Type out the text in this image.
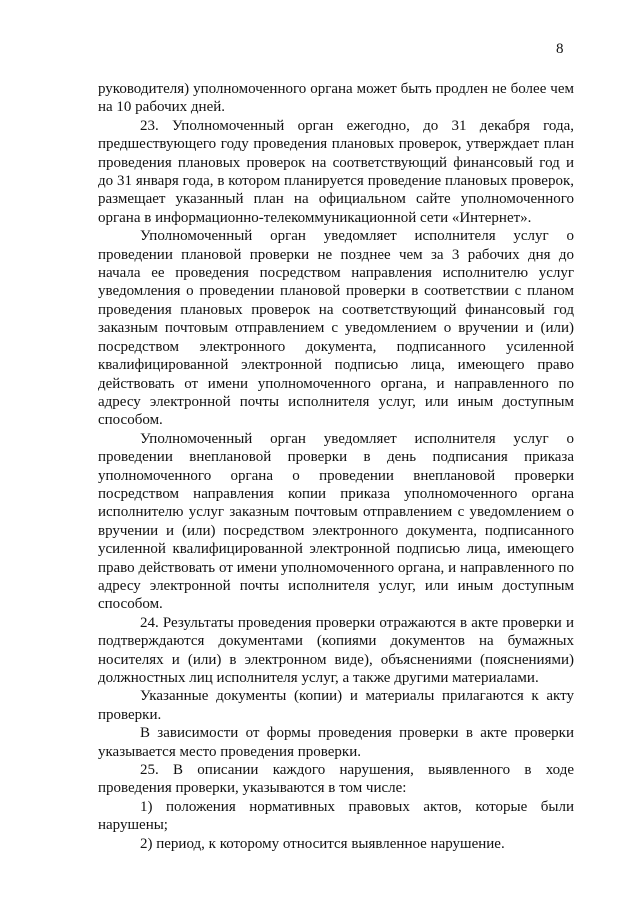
8

руководителя) уполномоченного органа может быть продлен не более чем на 10 рабочих дней.

23. Уполномоченный орган ежегодно, до 31 декабря года, предшествующего году проведения плановых проверок, утверждает план проведения плановых проверок на соответствующий финансовый год и до 31 января года, в котором планируется проведение плановых проверок, размещает указанный план на официальном сайте уполномоченного органа в информационно-телекоммуникационной сети «Интернет».

Уполномоченный орган уведомляет исполнителя услуг о проведении плановой проверки не позднее чем за 3 рабочих дня до начала ее проведения посредством направления исполнителю услуг уведомления о проведении плановой проверки в соответствии с планом проведения плановых проверок на соответствующий финансовый год заказным почтовым отправлением с уведомлением о вручении и (или) посредством электронного документа, подписанного усиленной квалифицированной электронной подписью лица, имеющего право действовать от имени уполномоченного органа, и направленного по адресу электронной почты исполнителя услуг, или иным доступным способом.

Уполномоченный орган уведомляет исполнителя услуг о проведении внеплановой проверки в день подписания приказа уполномоченного органа о проведении внеплановой проверки посредством направления копии приказа уполномоченного органа исполнителю услуг заказным почтовым отправлением с уведомлением о вручении и (или) посредством электронного документа, подписанного усиленной квалифицированной электронной подписью лица, имеющего право действовать от имени уполномоченного органа, и направленного по адресу электронной почты исполнителя услуг, или иным доступным способом.

24. Результаты проведения проверки отражаются в акте проверки и подтверждаются документами (копиями документов на бумажных носителях и (или) в электронном виде), объяснениями (пояснениями) должностных лиц исполнителя услуг, а также другими материалами.

Указанные документы (копии) и материалы прилагаются к акту проверки.

В зависимости от формы проведения проверки в акте проверки указывается место проведения проверки.

25. В описании каждого нарушения, выявленного в ходе проведения проверки, указываются в том числе:

1) положения нормативных правовых актов, которые были нарушены;

2) период, к которому относится выявленное нарушение.
